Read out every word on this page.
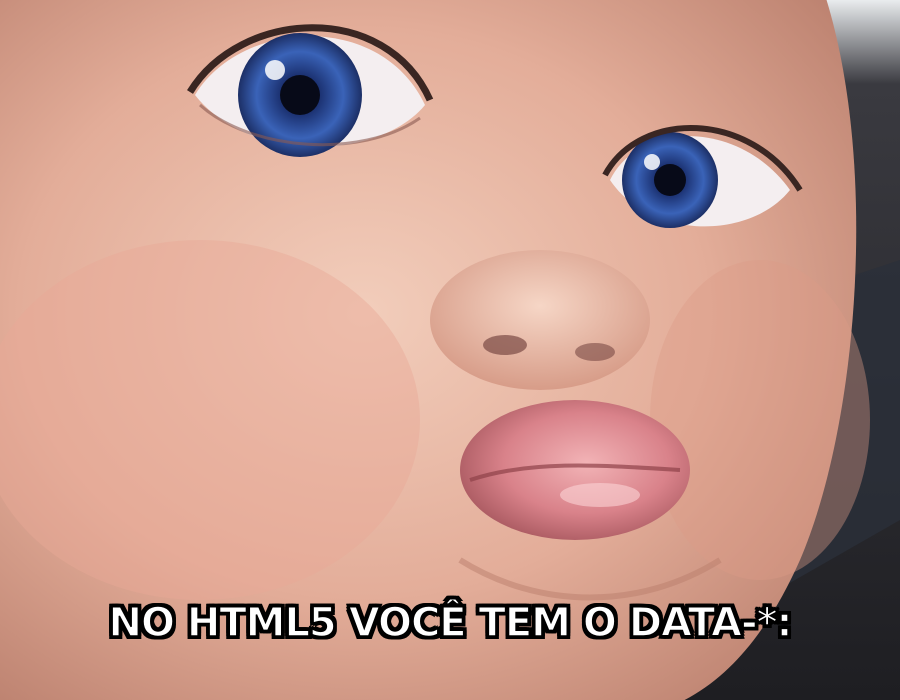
NO HTML5 VOCÊ TEM O DATA-*:
